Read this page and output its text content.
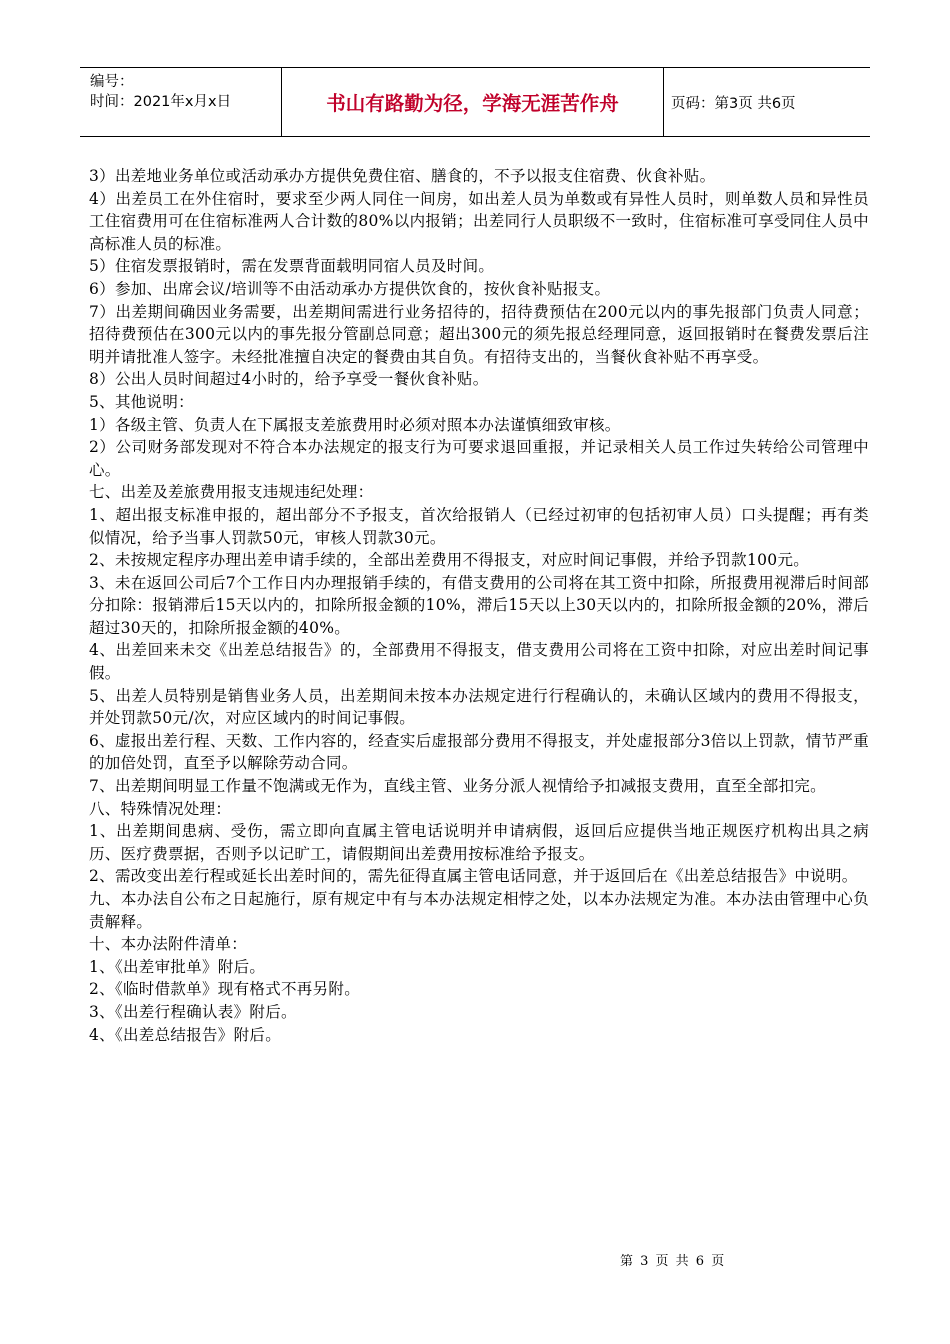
编号：
时间：2021年x月x日	书山有路勤为径，学海无涯苦作舟	页码：第3页 共6页

3）出差地业务单位或活动承办方提供免费住宿、膳食的，不予以报支住宿费、伙食补贴。

4）出差员工在外住宿时，要求至少两人同住一间房，如出差人员为单数或有异性人员时，则单数人员和异性员工住宿费用可在住宿标准两人合计数的80%以内报销；出差同行人员职级不一致时，住宿标准可享受同住人员中高标准人员的标准。

5）住宿发票报销时，需在发票背面载明同宿人员及时间。

6）参加、出席会议/培训等不由活动承办方提供饮食的，按伙食补贴报支。

7）出差期间确因业务需要，出差期间需进行业务招待的，招待费预估在200元以内的事先报部门负责人同意；招待费预估在300元以内的事先报分管副总同意；超出300元的须先报总经理同意，返回报销时在餐费发票后注明并请批准人签字。未经批准擅自决定的餐费由其自负。有招待支出的，当餐伙食补贴不再享受。

8）公出人员时间超过4小时的，给予享受一餐伙食补贴。

5、其他说明：

1）各级主管、负责人在下属报支差旅费用时必须对照本办法谨慎细致审核。

2）公司财务部发现对不符合本办法规定的报支行为可要求退回重报，并记录相关人员工作过失转给公司管理中心。

七、出差及差旅费用报支违规违纪处理：

1、超出报支标准申报的，超出部分不予报支，首次给报销人（已经过初审的包括初审人员）口头提醒；再有类似情况，给予当事人罚款50元，审核人罚款30元。

2、未按规定程序办理出差申请手续的，全部出差费用不得报支，对应时间记事假，并给予罚款100元。

3、未在返回公司后7个工作日内办理报销手续的，有借支费用的公司将在其工资中扣除，所报费用视滞后时间部分扣除：报销滞后15天以内的，扣除所报金额的10%，滞后15天以上30天以内的，扣除所报金额的20%，滞后超过30天的，扣除所报金额的40%。

4、出差回来未交《出差总结报告》的，全部费用不得报支，借支费用公司将在工资中扣除，对应出差时间记事假。

5、出差人员特别是销售业务人员，出差期间未按本办法规定进行行程确认的，未确认区域内的费用不得报支，并处罚款50元/次，对应区域内的时间记事假。

6、虚报出差行程、天数、工作内容的，经查实后虚报部分费用不得报支，并处虚报部分3倍以上罚款，情节严重的加倍处罚，直至予以解除劳动合同。

7、出差期间明显工作量不饱满或无作为，直线主管、业务分派人视情给予扣减报支费用，直至全部扣完。

八、特殊情况处理：

1、出差期间患病、受伤，需立即向直属主管电话说明并申请病假，返回后应提供当地正规医疗机构出具之病历、医疗费票据，否则予以记旷工，请假期间出差费用按标准给予报支。

2、需改变出差行程或延长出差时间的，需先征得直属主管电话同意，并于返回后在《出差总结报告》中说明。

九、本办法自公布之日起施行，原有规定中有与本办法规定相悖之处，以本办法规定为准。本办法由管理中心负责解释。

十、本办法附件清单：

1、《出差审批单》附后。

2、《临时借款单》现有格式不再另附。

3、《出差行程确认表》附后。

4、《出差总结报告》附后。

第 3 页 共 6 页
